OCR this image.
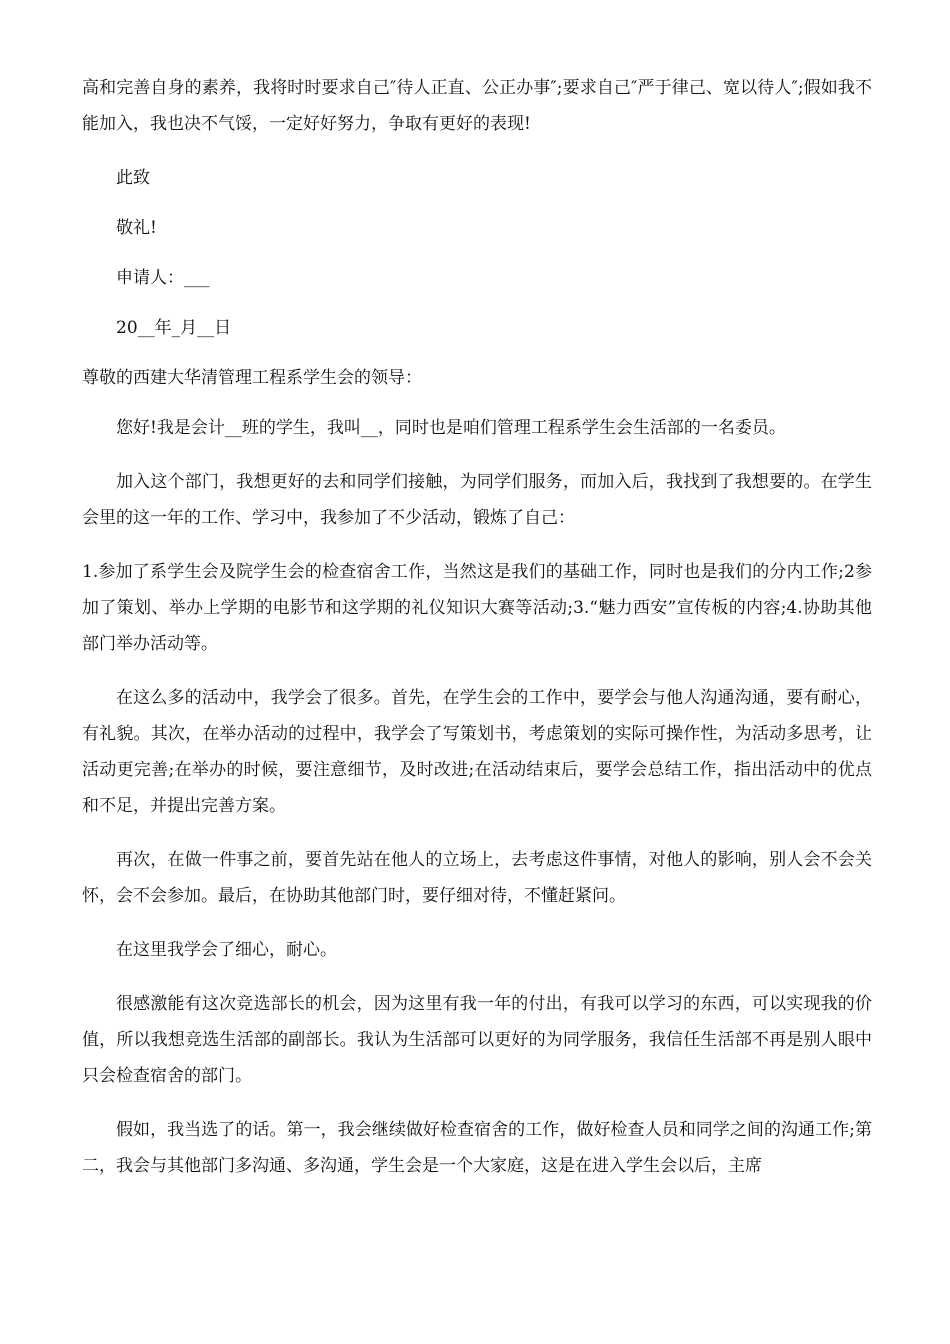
高和完善自身的素养，我将时时要求自己″待人正直、公正办事″;要求自己″严于律己、宽以待人″;假如我不能加入，我也决不气馁，一定好好努力，争取有更好的表现!

此致

敬礼!

申请人：___

20__年_月__日

尊敬的西建大华清管理工程系学生会的领导：

您好!我是会计__班的学生，我叫__，同时也是咱们管理工程系学生会生活部的一名委员。

加入这个部门，我想更好的去和同学们接触，为同学们服务，而加入后，我找到了我想要的。在学生会里的这一年的工作、学习中，我参加了不少活动，锻炼了自己：

1.参加了系学生会及院学生会的检查宿舍工作，当然这是我们的基础工作，同时也是我们的分内工作;2参加了策划、举办上学期的电影节和这学期的礼仪知识大赛等活动;3.“魅力西安”宣传板的内容;4.协助其他部门举办活动等。

在这么多的活动中，我学会了很多。首先，在学生会的工作中，要学会与他人沟通沟通，要有耐心，有礼貌。其次，在举办活动的过程中，我学会了写策划书，考虑策划的实际可操作性，为活动多思考，让活动更完善;在举办的时候，要注意细节，及时改进;在活动结束后，要学会总结工作，指出活动中的优点和不足，并提出完善方案。

再次，在做一件事之前，要首先站在他人的立场上，去考虑这件事情，对他人的影响，别人会不会关怀，会不会参加。最后，在协助其他部门时，要仔细对待，不懂赶紧问。

在这里我学会了细心，耐心。

很感激能有这次竞选部长的机会，因为这里有我一年的付出，有我可以学习的东西，可以实现我的价值，所以我想竞选生活部的副部长。我认为生活部可以更好的为同学服务，我信任生活部不再是别人眼中只会检查宿舍的部门。

假如，我当选了的话。第一，我会继续做好检查宿舍的工作，做好检查人员和同学之间的沟通工作;第二，我会与其他部门多沟通、多沟通，学生会是一个大家庭，这是在进入学生会以后，主席
